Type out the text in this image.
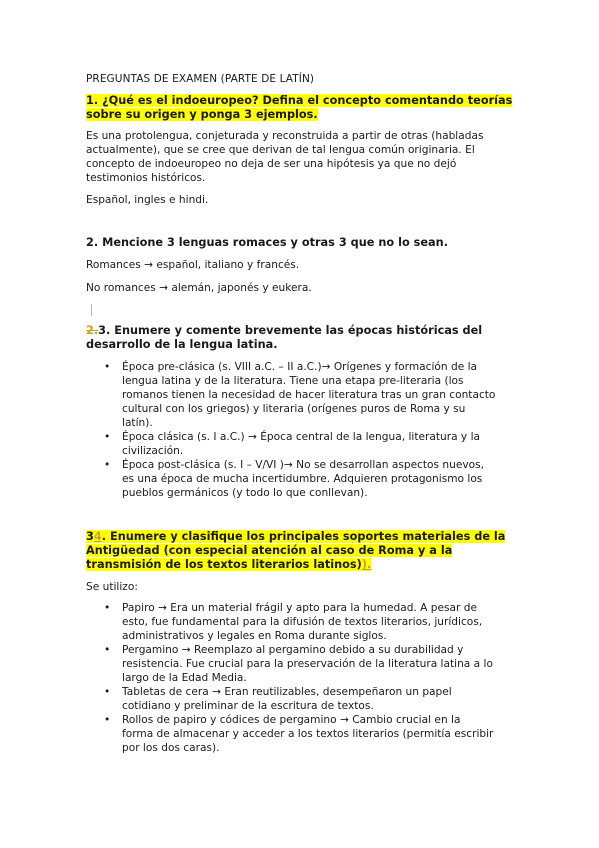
PREGUNTAS DE EXAMEN (PARTE DE LATÍN)
1. ¿Qué es el indoeuropeo? Defina el concepto comentando teorías
sobre su origen y ponga 3 ejemplos.
Es una protolengua, conjeturada y reconstruida a partir de otras (habladas
actualmente), que se cree que derivan de tal lengua común originaria. El
concepto de indoeuropeo no deja de ser una hipótesis ya que no dejó
testimonios históricos.
Español, ingles e hindi.
2. Mencione 3 lenguas romaces y otras 3 que no lo sean.
Romances → español, italiano y francés.
No romances → alemán, japonés y eukera.
2.3. Enumere y comente brevemente las épocas históricas del
desarrollo de la lengua latina.
• Época pre-clásica (s. VIII a.C. – II a.C.)→ Orígenes y formación de la
lengua latina y de la literatura. Tiene una etapa pre-literaria (los
romanos tienen la necesidad de hacer literatura tras un gran contacto
cultural con los griegos) y literaria (orígenes puros de Roma y su
latín).
• Época clásica (s. I a.C.) → Época central de la lengua, literatura y la
civilización.
• Época post-clásica (s. I – V/VI )→ No se desarrollan aspectos nuevos,
es una época de mucha incertidumbre. Adquieren protagonismo los
pueblos germánicos (y todo lo que conllevan).
34. Enumere y clasifique los principales soportes materiales de la
Antigüedad (con especial atención al caso de Roma y a la
transmisión de los textos literarios latinos)).
Se utilizo:
• Papiro → Era un material frágil y apto para la humedad. A pesar de
esto, fue fundamental para la difusión de textos literarios, jurídicos,
administrativos y legales en Roma durante siglos.
• Pergamino → Reemplazo al pergamino debido a su durabilidad y
resistencia. Fue crucial para la preservación de la literatura latina a lo
largo de la Edad Media.
• Tabletas de cera → Eran reutilizables, desempeñaron un papel
cotidiano y preliminar de la escritura de textos.
• Rollos de papiro y códices de pergamino → Cambio crucial en la
forma de almacenar y acceder a los textos literarios (permitía escribir
por los dos caras).
